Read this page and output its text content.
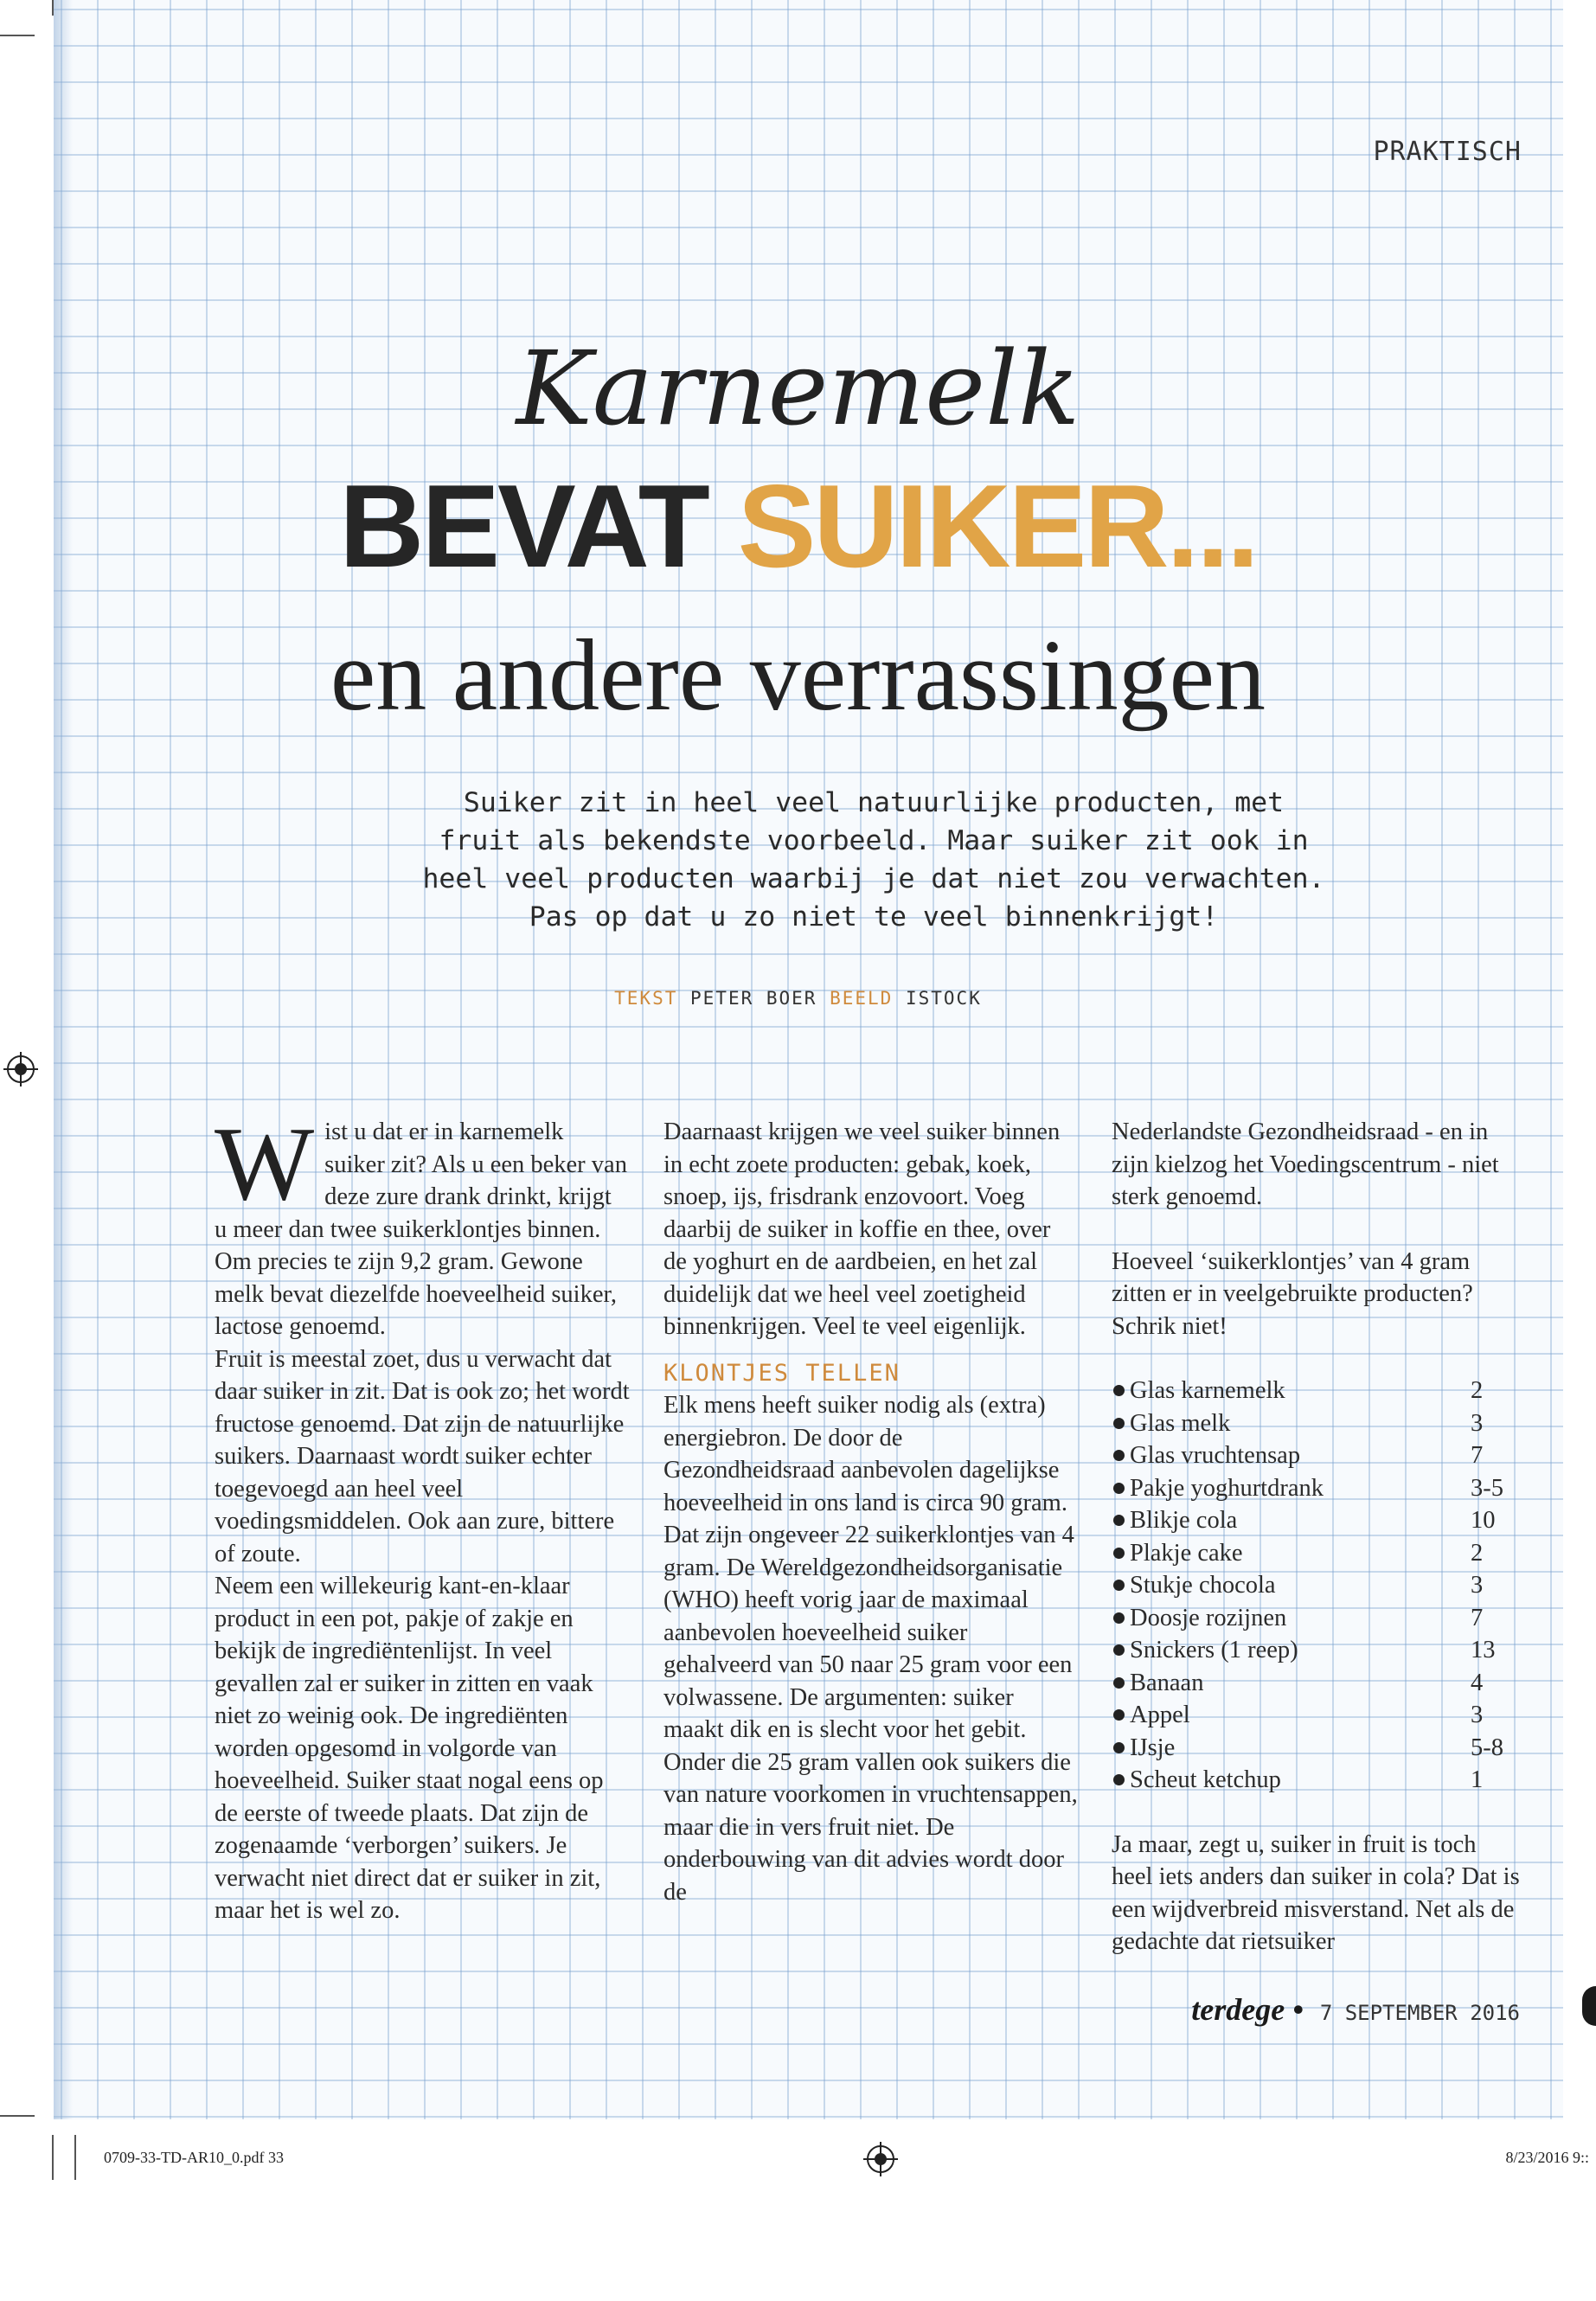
PRAKTISCH
Karnemelk
BEVAT SUIKER...
en andere verrassingen
Suiker zit in heel veel natuurlijke producten, met
fruit als bekendste voorbeeld. Maar suiker zit ook in
heel veel producten waarbij je dat niet zou verwachten.
Pas op dat u zo niet te veel binnenkrijgt!
TEKST PETER BOER BEELD ISTOCK

Wist u dat er in karnemelk suiker zit? Als u een beker van deze zure drank drinkt, krijgt u meer dan twee suikerklontjes binnen. Om precies te zijn 9,2 gram. Gewone melk bevat diezelfde hoeveelheid suiker, lactose genoemd.

Fruit is meestal zoet, dus u verwacht dat daar suiker in zit. Dat is ook zo; het wordt fructose genoemd. Dat zijn de natuurlijke suikers. Daarnaast wordt suiker echter toegevoegd aan heel veel voedingsmiddelen. Ook aan zure, bittere of zoute.

Neem een willekeurig kant-en-klaar product in een pot, pakje of zakje en bekijk de ingrediëntenlijst. In veel gevallen zal er suiker in zitten en vaak niet zo weinig ook. De ingrediënten worden opgesomd in volgorde van hoeveelheid. Suiker staat nogal eens op de eerste of tweede plaats. Dat zijn de zogenaamde ‘verborgen’ suikers. Je verwacht niet direct dat er suiker in zit, maar het is wel zo.

Daarnaast krijgen we veel suiker binnen in echt zoete producten: gebak, koek, snoep, ijs, frisdrank enzovoort. Voeg daarbij de suiker in koffie en thee, over de yoghurt en de aardbeien, en het zal duidelijk dat we heel veel zoetigheid binnenkrijgen. Veel te veel eigenlijk.

KLONTJES TELLEN

Elk mens heeft suiker nodig als (extra) energiebron. De door de Gezondheidsraad aanbevolen dagelijkse hoeveelheid in ons land is circa 90 gram. Dat zijn ongeveer 22 suikerklontjes van 4 gram. De Wereldgezondheidsorganisatie (WHO) heeft vorig jaar de maximaal aanbevolen hoeveelheid suiker gehalveerd van 50 naar 25 gram voor een volwassene. De argumenten: suiker maakt dik en is slecht voor het gebit. Onder die 25 gram vallen ook suikers die van nature voorkomen in vruchtensappen, maar die in vers fruit niet. De onderbouwing van dit advies wordt door de

Nederlandste Gezondheidsraad - en in zijn kielzog het Voedingscentrum - niet sterk genoemd.

Hoeveel ‘suikerklontjes’ van 4 gram zitten er in veelgebruikte producten? Schrik niet!

Glas karnemelk	2
Glas melk	3
Glas vruchtensap	7
Pakje yoghurtdrank	3-5
Blikje cola	10
Plakje cake	2
Stukje chocola	3
Doosje rozijnen	7
Snickers (1 reep)	13
Banaan	4
Appel	3
IJsje	5-8
Scheut ketchup	1

Ja maar, zegt u, suiker in fruit is toch heel iets anders dan suiker in cola? Dat is een wijdverbreid misverstand. Net als de gedachte dat rietsuiker

terdege • 7 SEPTEMBER 2016
0709-33-TD-AR10_0.pdf 33	8/23/2016 9::
